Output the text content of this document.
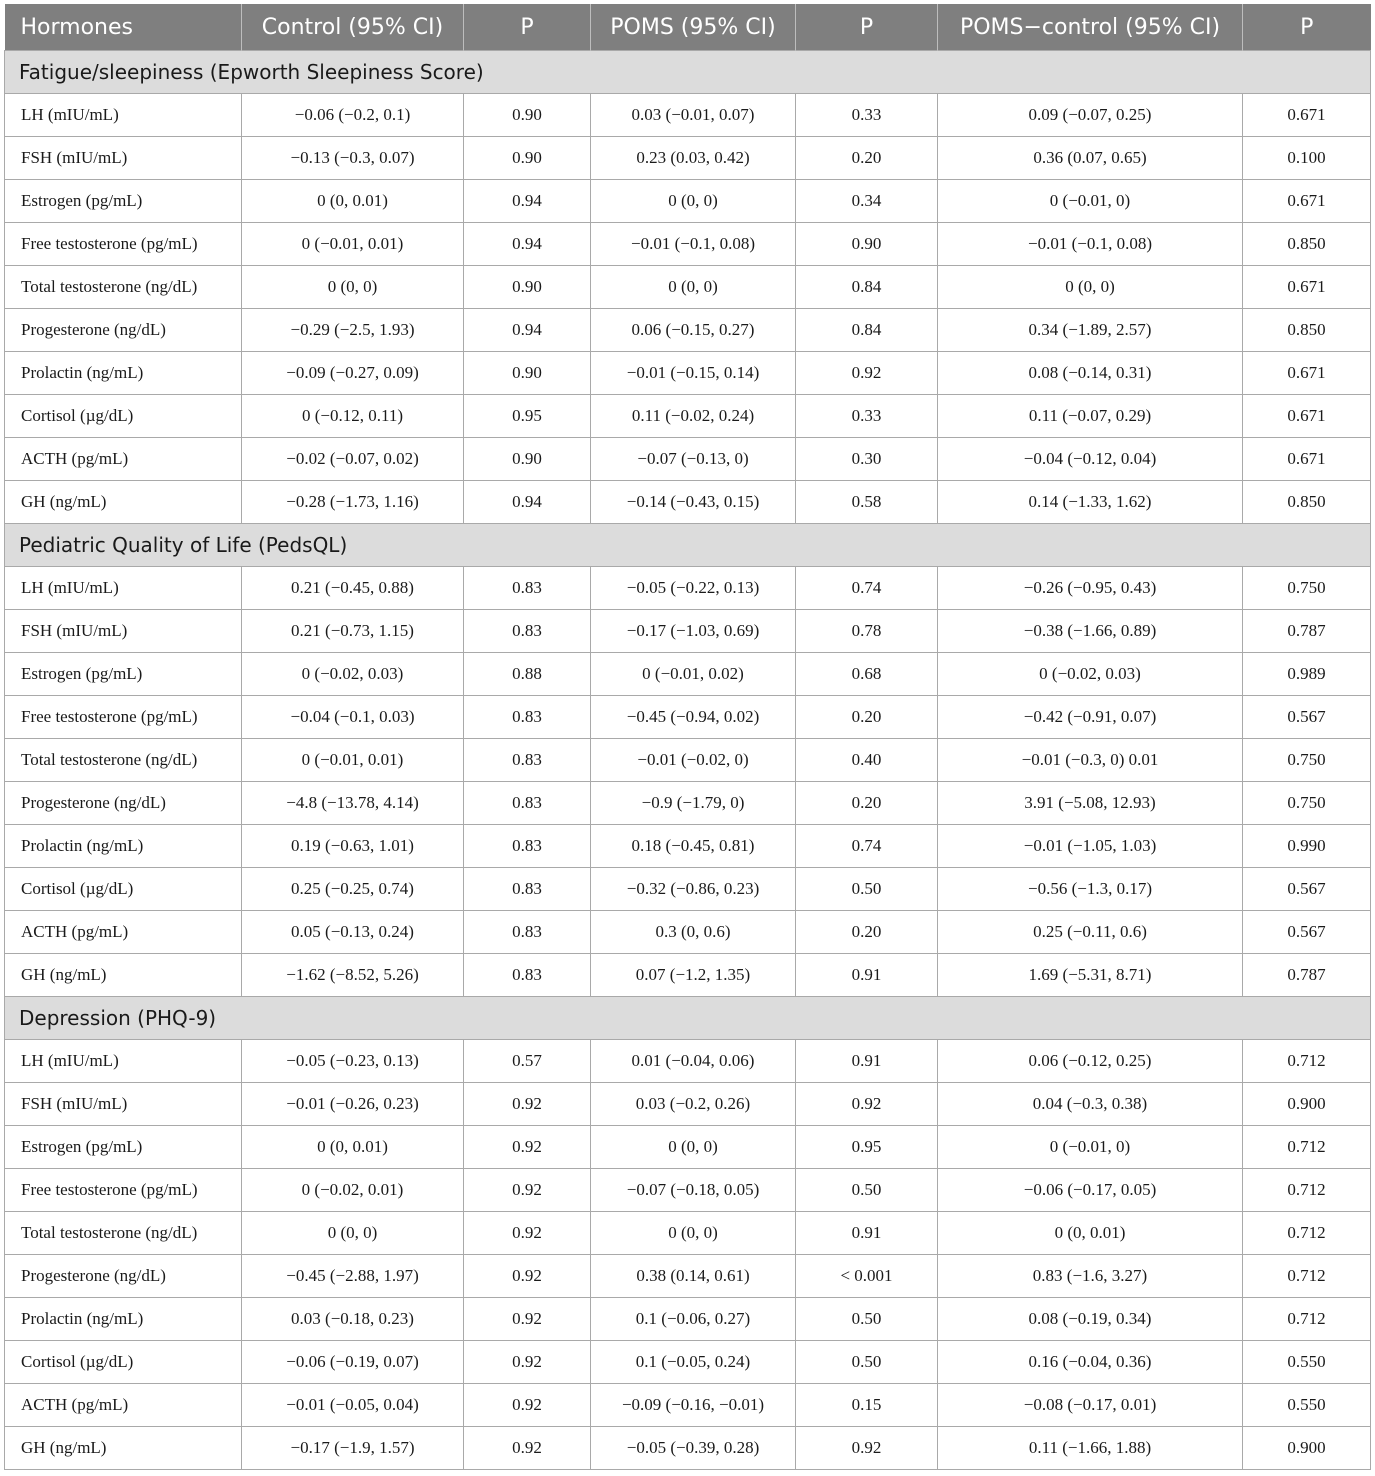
Hormones	Control (95% CI)	P	POMS (95% CI)	P	POMS−control (95% CI)	P
Fatigue/sleepiness (Epworth Sleepiness Score)						
LH (mIU/mL)	−0.06 (−0.2, 0.1)	0.90	0.03 (−0.01, 0.07)	0.33	0.09 (−0.07, 0.25)	0.671
FSH (mIU/mL)	−0.13 (−0.3, 0.07)	0.90	0.23 (0.03, 0.42)	0.20	0.36 (0.07, 0.65)	0.100
Estrogen (pg/mL)	0 (0, 0.01)	0.94	0 (0, 0)	0.34	0 (−0.01, 0)	0.671
Free testosterone (pg/mL)	0 (−0.01, 0.01)	0.94	−0.01 (−0.1, 0.08)	0.90	−0.01 (−0.1, 0.08)	0.850
Total testosterone (ng/dL)	0 (0, 0)	0.90	0 (0, 0)	0.84	0 (0, 0)	0.671
Progesterone (ng/dL)	−0.29 (−2.5, 1.93)	0.94	0.06 (−0.15, 0.27)	0.84	0.34 (−1.89, 2.57)	0.850
Prolactin (ng/mL)	−0.09 (−0.27, 0.09)	0.90	−0.01 (−0.15, 0.14)	0.92	0.08 (−0.14, 0.31)	0.671
Cortisol (µg/dL)	0 (−0.12, 0.11)	0.95	0.11 (−0.02, 0.24)	0.33	0.11 (−0.07, 0.29)	0.671
ACTH (pg/mL)	−0.02 (−0.07, 0.02)	0.90	−0.07 (−0.13, 0)	0.30	−0.04 (−0.12, 0.04)	0.671
GH (ng/mL)	−0.28 (−1.73, 1.16)	0.94	−0.14 (−0.43, 0.15)	0.58	0.14 (−1.33, 1.62)	0.850
Pediatric Quality of Life (PedsQL)						
LH (mIU/mL)	0.21 (−0.45, 0.88)	0.83	−0.05 (−0.22, 0.13)	0.74	−0.26 (−0.95, 0.43)	0.750
FSH (mIU/mL)	0.21 (−0.73, 1.15)	0.83	−0.17 (−1.03, 0.69)	0.78	−0.38 (−1.66, 0.89)	0.787
Estrogen (pg/mL)	0 (−0.02, 0.03)	0.88	0 (−0.01, 0.02)	0.68	0 (−0.02, 0.03)	0.989
Free testosterone (pg/mL)	−0.04 (−0.1, 0.03)	0.83	−0.45 (−0.94, 0.02)	0.20	−0.42 (−0.91, 0.07)	0.567
Total testosterone (ng/dL)	0 (−0.01, 0.01)	0.83	−0.01 (−0.02, 0)	0.40	−0.01 (−0.3, 0) 0.01	0.750
Progesterone (ng/dL)	−4.8 (−13.78, 4.14)	0.83	−0.9 (−1.79, 0)	0.20	3.91 (−5.08, 12.93)	0.750
Prolactin (ng/mL)	0.19 (−0.63, 1.01)	0.83	0.18 (−0.45, 0.81)	0.74	−0.01 (−1.05, 1.03)	0.990
Cortisol (µg/dL)	0.25 (−0.25, 0.74)	0.83	−0.32 (−0.86, 0.23)	0.50	−0.56 (−1.3, 0.17)	0.567
ACTH (pg/mL)	0.05 (−0.13, 0.24)	0.83	0.3 (0, 0.6)	0.20	0.25 (−0.11, 0.6)	0.567
GH (ng/mL)	−1.62 (−8.52, 5.26)	0.83	0.07 (−1.2, 1.35)	0.91	1.69 (−5.31, 8.71)	0.787
Depression (PHQ-9)						
LH (mIU/mL)	−0.05 (−0.23, 0.13)	0.57	0.01 (−0.04, 0.06)	0.91	0.06 (−0.12, 0.25)	0.712
FSH (mIU/mL)	−0.01 (−0.26, 0.23)	0.92	0.03 (−0.2, 0.26)	0.92	0.04 (−0.3, 0.38)	0.900
Estrogen (pg/mL)	0 (0, 0.01)	0.92	0 (0, 0)	0.95	0 (−0.01, 0)	0.712
Free testosterone (pg/mL)	0 (−0.02, 0.01)	0.92	−0.07 (−0.18, 0.05)	0.50	−0.06 (−0.17, 0.05)	0.712
Total testosterone (ng/dL)	0 (0, 0)	0.92	0 (0, 0)	0.91	0 (0, 0.01)	0.712
Progesterone (ng/dL)	−0.45 (−2.88, 1.97)	0.92	0.38 (0.14, 0.61)	< 0.001	0.83 (−1.6, 3.27)	0.712
Prolactin (ng/mL)	0.03 (−0.18, 0.23)	0.92	0.1 (−0.06, 0.27)	0.50	0.08 (−0.19, 0.34)	0.712
Cortisol (µg/dL)	−0.06 (−0.19, 0.07)	0.92	0.1 (−0.05, 0.24)	0.50	0.16 (−0.04, 0.36)	0.550
ACTH (pg/mL)	−0.01 (−0.05, 0.04)	0.92	−0.09 (−0.16, −0.01)	0.15	−0.08 (−0.17, 0.01)	0.550
GH (ng/mL)	−0.17 (−1.9, 1.57)	0.92	−0.05 (−0.39, 0.28)	0.92	0.11 (−1.66, 1.88)	0.900
